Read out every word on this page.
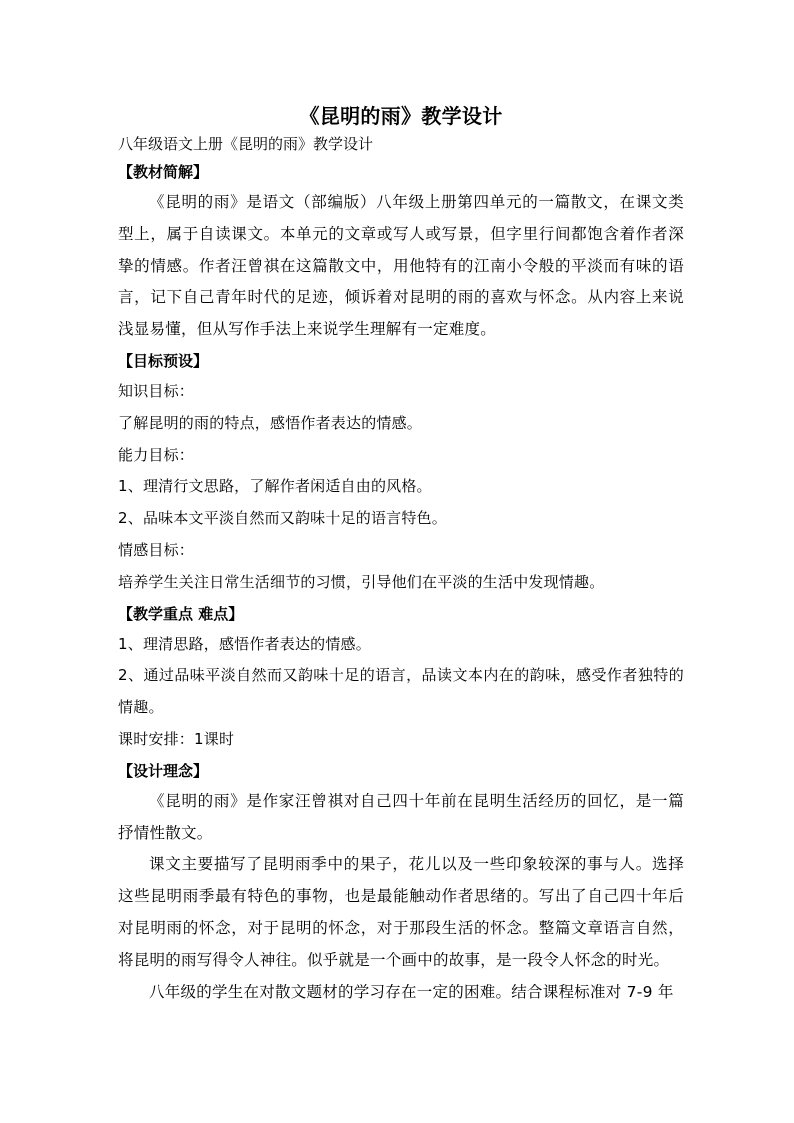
《昆明的雨》教学设计

八年级语文上册《昆明的雨》教学设计

【教材简解】

《昆明的雨》是语文（部编版）八年级上册第四单元的一篇散文，在课文类型上，属于自读课文。本单元的文章或写人或写景，但字里行间都饱含着作者深挚的情感。作者汪曾祺在这篇散文中，用他特有的江南小令般的平淡而有味的语言，记下自己青年时代的足迹，倾诉着对昆明的雨的喜欢与怀念。从内容上来说浅显易懂，但从写作手法上来说学生理解有一定难度。

【目标预设】

知识目标：

了解昆明的雨的特点，感悟作者表达的情感。

能力目标：

1、理清行文思路，了解作者闲适自由的风格。

2、品味本文平淡自然而又韵味十足的语言特色。

情感目标：

培养学生关注日常生活细节的习惯，引导他们在平淡的生活中发现情趣。

【教学重点 难点】

1、理清思路，感悟作者表达的情感。

2、通过品味平淡自然而又韵味十足的语言，品读文本内在的韵味，感受作者独特的情趣。

课时安排：1课时

【设计理念】

《昆明的雨》是作家汪曾祺对自己四十年前在昆明生活经历的回忆，是一篇抒情性散文。

课文主要描写了昆明雨季中的果子，花儿以及一些印象较深的事与人。选择这些昆明雨季最有特色的事物，也是最能触动作者思绪的。写出了自己四十年后对昆明雨的怀念，对于昆明的怀念，对于那段生活的怀念。整篇文章语言自然，将昆明的雨写得令人神往。似乎就是一个画中的故事，是一段令人怀念的时光。

八年级的学生在对散文题材的学习存在一定的困难。结合课程标准对 7-9 年
